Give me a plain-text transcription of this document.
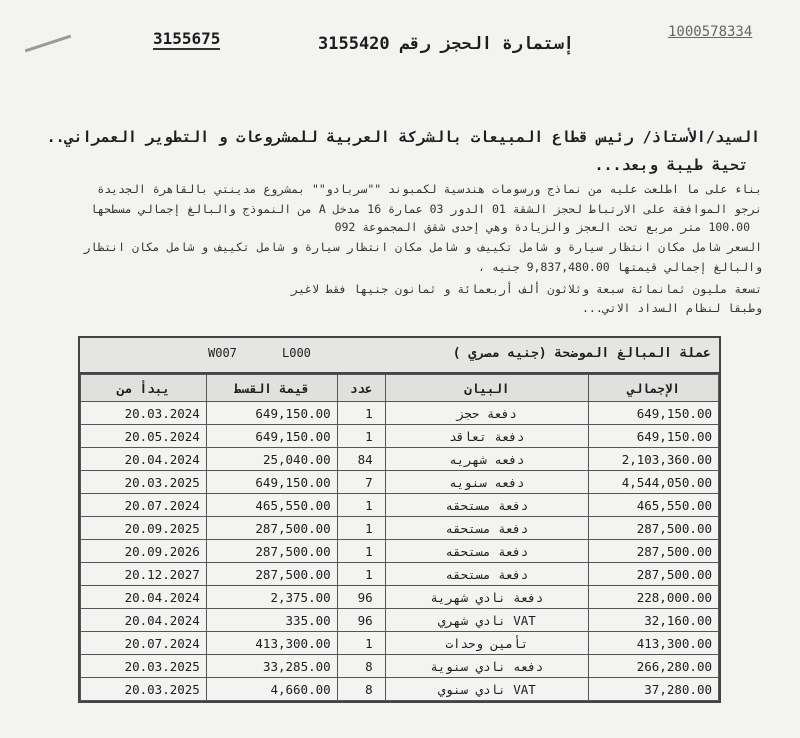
1000578334
إستمارة الحجز رقم 3155420
3155675
السيد/الأستاذ/ رئيس قطاع المبيعات بالشركة العربية للمشروعات و التطوير العمراني..
تحية طيبة وبعد...
بناء على ما اطلعت عليه من نماذج ورسومات هندسية لكمبوند ""سربادو"" بمشروع مدينتي بالقاهرة الجديدة
نرجو الموافقة على الارتباط لحجز الشقة 01 الدور 03 عمارة 16 مدخل A من النموذج والبالغ إجمالي مسطحها
100.00 متر مربع تحت العجز والزيادة وهي إحدى شقق المجموعة 092
السعر شامل مكان انتظار سيارة و شامل تكييف و شامل مكان انتظار سيارة و شامل تكييف و شامل مكان انتظار
والبالغ إجمالي قيمتها 9,837,480.00 جنيه ،
تسعة مليون ثمانمائة سبعة وثلاثون ألف أربعمائة و ثمانون جنيها فقط لاغير
وطبقا لنظام السداد الاتي...
W007	L000	عملة المبالغ الموضحة (جنيه مصري )
يبدأ من	قيمة القسط	عدد	البيان	الإجمالي
20.03.2024	649,150.00	1	دفعة حجز	649,150.00
20.05.2024	649,150.00	1	دفعة تعاقد	649,150.00
20.04.2024	25,040.00	84	دفعه شهريه	2,103,360.00
20.03.2025	649,150.00	7	دفعه سنويه	4,544,050.00
20.07.2024	465,550.00	1	دفعة مستحقه	465,550.00
20.09.2025	287,500.00	1	دفعة مستحقه	287,500.00
20.09.2026	287,500.00	1	دفعة مستحقه	287,500.00
20.12.2027	287,500.00	1	دفعة مستحقه	287,500.00
20.04.2024	2,375.00	96	دفعة نادي شهرية	228,000.00
20.04.2024	335.00	96	VAT نادي شهري	32,160.00
20.07.2024	413,300.00	1	تأمين وحدات	413,300.00
20.03.2025	33,285.00	8	دفعه نادي سنوية	266,280.00
20.03.2025	4,660.00	8	VAT نادي سنوي	37,280.00
